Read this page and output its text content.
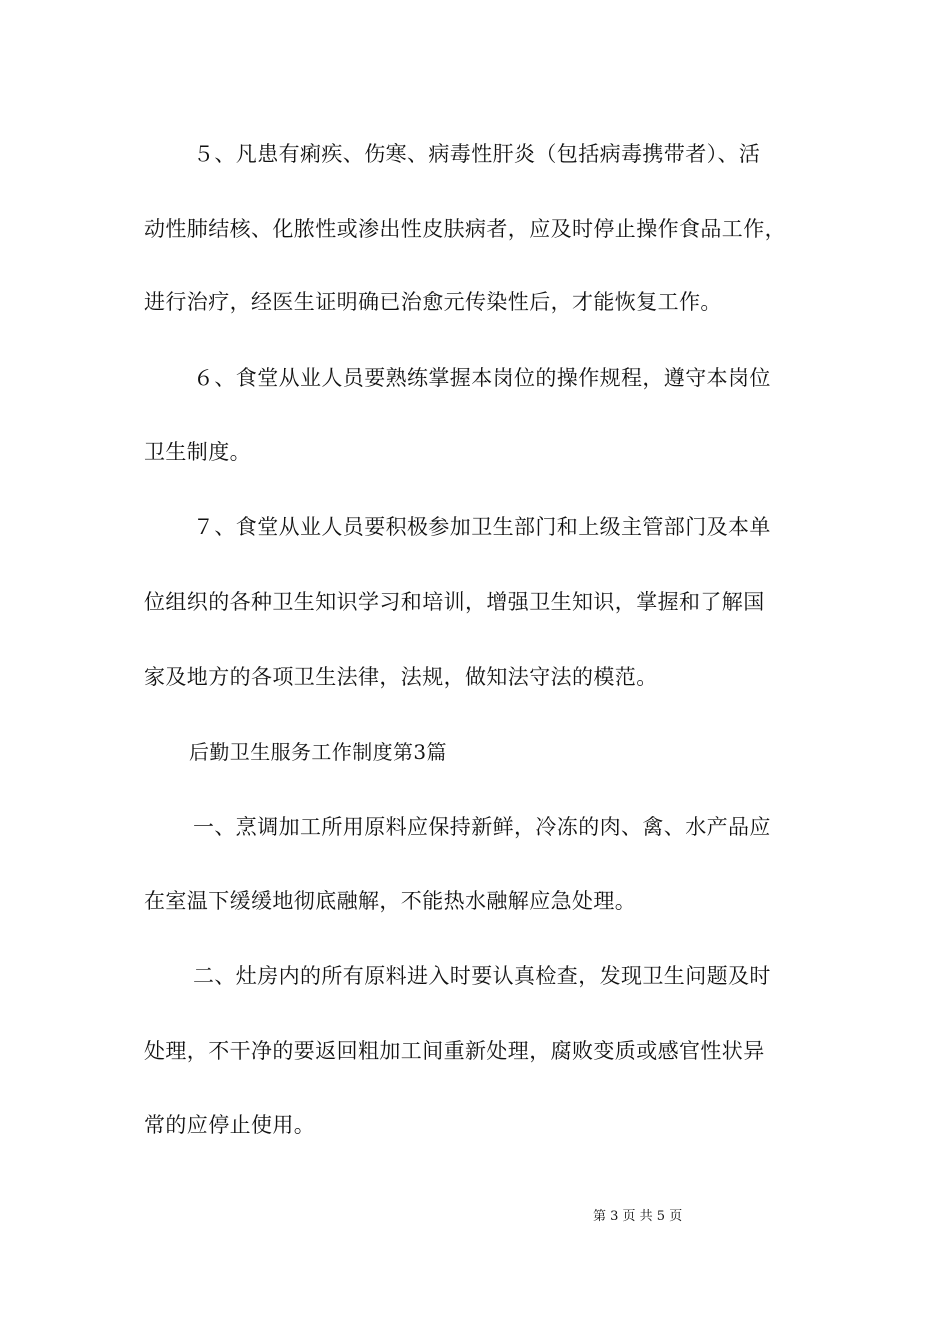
５、凡患有痢疾、伤寒、病毒性肝炎（包括病毒携带者）、活
动性肺结核、化脓性或渗出性皮肤病者，应及时停止操作食品工作，
进行治疗，经医生证明确已治愈元传染性后，才能恢复工作。
６、食堂从业人员要熟练掌握本岗位的操作规程，遵守本岗位
卫生制度。
７、食堂从业人员要积极参加卫生部门和上级主管部门及本单
位组织的各种卫生知识学习和培训，增强卫生知识，掌握和了解国
家及地方的各项卫生法律，法规，做知法守法的模范。
后勤卫生服务工作制度第3篇
一、烹调加工所用原料应保持新鲜，冷冻的肉、禽、水产品应
在室温下缓缓地彻底融解，不能热水融解应急处理。
二、灶房内的所有原料进入时要认真检查，发现卫生问题及时
处理，不干净的要返回粗加工间重新处理，腐败变质或感官性状异
常的应停止使用。
第 3 页 共 5 页
